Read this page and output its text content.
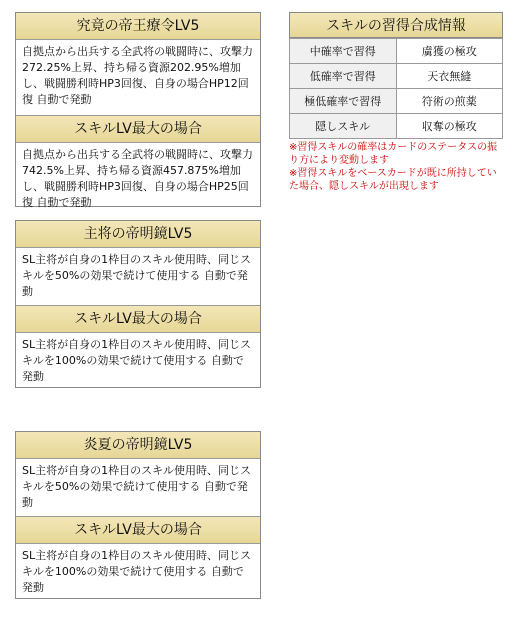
究竟の帝王療令LV5
自拠点から出兵する全武将の戦闘時に、攻撃力272.25%上昇、持ち帰る資源202.95%増加し、戦闘勝利時HP3回復、自身の場合HP12回復 自動で発動
スキルLV最大の場合
自拠点から出兵する全武将の戦闘時に、攻撃力742.5%上昇、持ち帰る資源457.875%増加し、戦闘勝利時HP3回復、自身の場合HP25回復 自動で発動
主将の帝明鏡LV5
SL主将が自身の1枠目のスキル使用時、同じスキルを50%の効果で続けて使用する 自動で発動
スキルLV最大の場合
SL主将が自身の1枠目のスキル使用時、同じスキルを100%の効果で続けて使用する 自動で発動
炎夏の帝明鏡LV5
SL主将が自身の1枠目のスキル使用時、同じスキルを50%の効果で続けて使用する 自動で発動
スキルLV最大の場合
SL主将が自身の1枠目のスキル使用時、同じスキルを100%の効果で続けて使用する 自動で発動
スキルの習得合成情報
中確率で習得	虜獲の極攻
低確率で習得	天衣無縫
極低確率で習得	符術の煎薬
隠しスキル	収奪の極攻
※習得スキルの確率はカードのステータスの振り方により変動します
※習得スキルをベースカードが既に所持していた場合、隠しスキルが出現します
